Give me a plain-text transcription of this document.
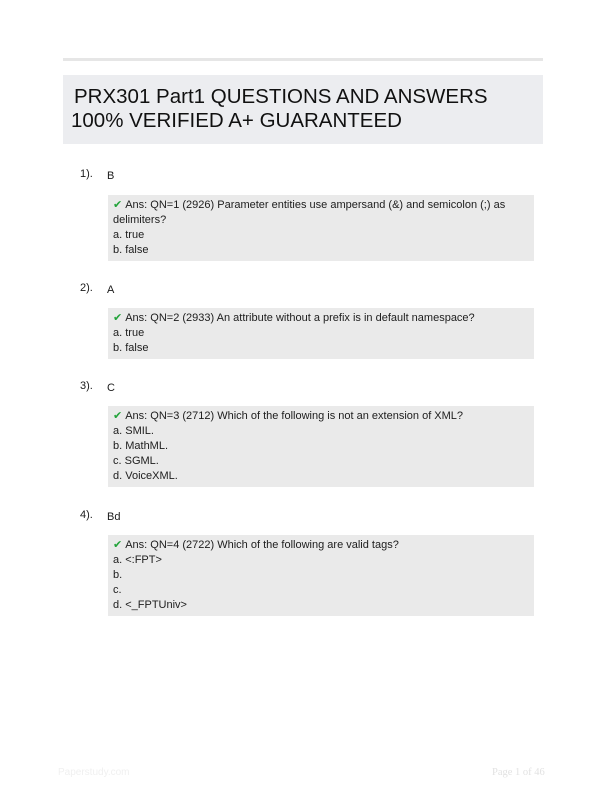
PRX301 Part1 QUESTIONS AND ANSWERS 100% VERIFIED A+ GUARANTEED
1). B
✔ Ans: QN=1 (2926) Parameter entities use ampersand (&) and semicolon (;) as delimiters?
a. true
b. false
2). A
✔ Ans: QN=2 (2933) An attribute without a prefix is in default namespace?
a. true
b. false
3). C
✔ Ans: QN=3 (2712) Which of the following is not an extension of XML?
a. SMIL.
b. MathML.
c. SGML.
d. VoiceXML.
4). Bd
✔ Ans: QN=4 (2722) Which of the following are valid tags?
a. <:FPT>
b.
c.
d. <_FPTUniv>
Paperstudy.com	Page 1 of 46
